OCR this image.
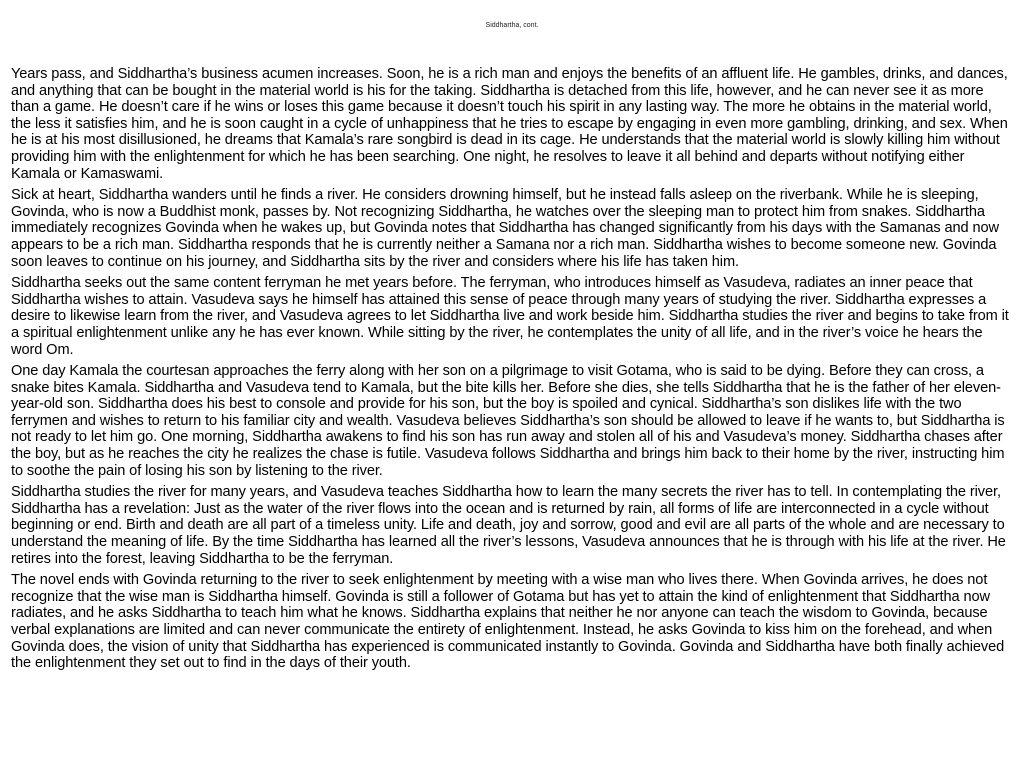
Siddhartha, cont.

Years pass, and Siddhartha’s business acumen increases. Soon, he is a rich man and enjoys the benefits of an affluent life. He gambles, drinks, and dances, and anything that can be bought in the material world is his for the taking. Siddhartha is detached from this life, however, and he can never see it as more than a game. He doesn’t care if he wins or loses this game because it doesn’t touch his spirit in any lasting way. The more he obtains in the material world, the less it satisfies him, and he is soon caught in a cycle of unhappiness that he tries to escape by engaging in even more gambling, drinking, and sex. When he is at his most disillusioned, he dreams that Kamala’s rare songbird is dead in its cage. He understands that the material world is slowly killing him without providing him with the enlightenment for which he has been searching. One night, he resolves to leave it all behind and departs without notifying either Kamala or Kamaswami.

Sick at heart, Siddhartha wanders until he finds a river. He considers drowning himself, but he instead falls asleep on the riverbank. While he is sleeping, Govinda, who is now a Buddhist monk, passes by. Not recognizing Siddhartha, he watches over the sleeping man to protect him from snakes. Siddhartha immediately recognizes Govinda when he wakes up, but Govinda notes that Siddhartha has changed significantly from his days with the Samanas and now appears to be a rich man. Siddhartha responds that he is currently neither a Samana nor a rich man. Siddhartha wishes to become someone new. Govinda soon leaves to continue on his journey, and Siddhartha sits by the river and considers where his life has taken him.

Siddhartha seeks out the same content ferryman he met years before. The ferryman, who introduces himself as Vasudeva, radiates an inner peace that Siddhartha wishes to attain. Vasudeva says he himself has attained this sense of peace through many years of studying the river. Siddhartha expresses a desire to likewise learn from the river, and Vasudeva agrees to let Siddhartha live and work beside him. Siddhartha studies the river and begins to take from it a spiritual enlightenment unlike any he has ever known. While sitting by the river, he contemplates the unity of all life, and in the river’s voice he hears the word Om.

One day Kamala the courtesan approaches the ferry along with her son on a pilgrimage to visit Gotama, who is said to be dying. Before they can cross, a snake bites Kamala. Siddhartha and Vasudeva tend to Kamala, but the bite kills her. Before she dies, she tells Siddhartha that he is the father of her eleven-year-old son. Siddhartha does his best to console and provide for his son, but the boy is spoiled and cynical. Siddhartha’s son dislikes life with the two ferrymen and wishes to return to his familiar city and wealth. Vasudeva believes Siddhartha’s son should be allowed to leave if he wants to, but Siddhartha is not ready to let him go. One morning, Siddhartha awakens to find his son has run away and stolen all of his and Vasudeva’s money. Siddhartha chases after the boy, but as he reaches the city he realizes the chase is futile. Vasudeva follows Siddhartha and brings him back to their home by the river, instructing him to soothe the pain of losing his son by listening to the river.

Siddhartha studies the river for many years, and Vasudeva teaches Siddhartha how to learn the many secrets the river has to tell. In contemplating the river, Siddhartha has a revelation: Just as the water of the river flows into the ocean and is returned by rain, all forms of life are interconnected in a cycle without beginning or end. Birth and death are all part of a timeless unity. Life and death, joy and sorrow, good and evil are all parts of the whole and are necessary to understand the meaning of life. By the time Siddhartha has learned all the river’s lessons, Vasudeva announces that he is through with his life at the river. He retires into the forest, leaving Siddhartha to be the ferryman.

The novel ends with Govinda returning to the river to seek enlightenment by meeting with a wise man who lives there. When Govinda arrives, he does not recognize that the wise man is Siddhartha himself. Govinda is still a follower of Gotama but has yet to attain the kind of enlightenment that Siddhartha now radiates, and he asks Siddhartha to teach him what he knows. Siddhartha explains that neither he nor anyone can teach the wisdom to Govinda, because verbal explanations are limited and can never communicate the entirety of enlightenment. Instead, he asks Govinda to kiss him on the forehead, and when Govinda does, the vision of unity that Siddhartha has experienced is communicated instantly to Govinda. Govinda and Siddhartha have both finally achieved the enlightenment they set out to find in the days of their youth.
